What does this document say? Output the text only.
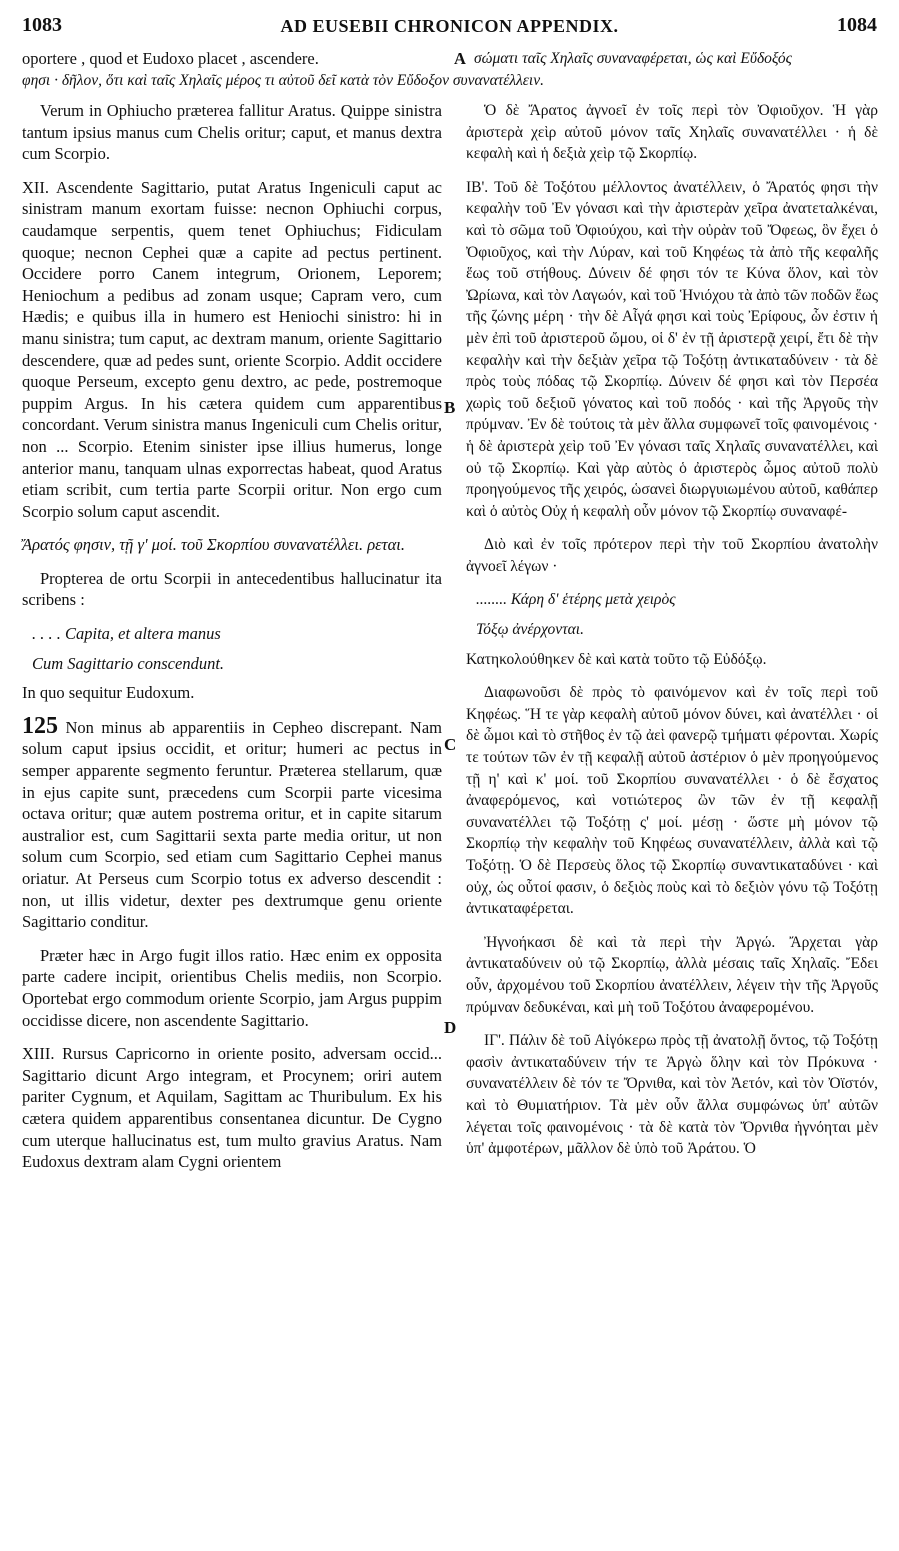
1083	AD EUSEBII CHRONICON APPENDIX.	1084
oportere , quod et Eudoxo placet , ascendere.	A σώματι ταῖς Χηλαῖς συναναφέρεται, ὡς καὶ Εὔδοξός
φησι · δῆλον, ὅτι καὶ ταῖς Χηλαῖς μέρος τι αὐτοῦ δεῖ κατὰ τὸν Εὔδοξον συνανατέλλειν.

Verum in Ophiucho præterea fallitur Aratus. Quippe sinistra tantum ipsius manus cum Chelis oritur; caput, et manus dextra cum Scorpio.

XII. Ascendente Sagittario, putat Aratus Ingeniculi caput ac sinistram manum exortam fuisse: necnon Ophiuchi corpus, caudamque serpentis, quem tenet Ophiuchus; Fidiculam quoque; necnon Cephei quæ a capite ad pectus pertinent. Occidere porro Canem integrum, Orionem, Leporem; Heniochum a pedibus ad zonam usque; Capram vero, cum Hædis; e quibus illa in humero est Heniochi sinistro: hi in manu sinistra; tum caput, ac dextram manum, oriente Sagittario descendere, quæ ad pedes sunt, oriente Scorpio. Addit occidere quoque Perseum, excepto genu dextro, ac pede, postremoque puppim Argus. In his cætera quidem cum apparentibus concordant. Verum sinistra manus Ingeniculi cum Chelis oritur, non ... Scorpio. Etenim sinister ipse illius humerus, longe anterior manu, tanquam ulnas exporrectas habeat, quod Aratus etiam scribit, cum tertia parte Scorpii oritur. Non ergo cum Scorpio solum caput ascendit.

Ἄρατός φησιν, τῇ γ' μοί. τοῦ Σκορπίου συνανατέλλει. ρεται.

Propterea de ortu Scorpii in antecedentibus hallucinatur ita scribens :

. . . . Capita, et altera manus

Cum Sagittario conscendunt.

In quo sequitur Eudoxum.

125 Non minus ab apparentiis in Cepheo discrepant. Nam solum caput ipsius occidit, et oritur; humeri ac pectus in semper apparente segmento feruntur. Præterea stellarum, quæ in ejus capite sunt, præcedens cum Scorpii parte vicesima octava oritur; quæ autem postrema oritur, et in capite sitarum australior est, cum Sagittarii sexta parte media oritur, ut non solum cum Scorpio, sed etiam cum Sagittario Cephei manus oriatur. At Perseus cum Scorpio totus ex adverso descendit : non, ut illis videtur, dexter pes dextrumque genu oriente Sagittario conditur.

Præter hæc in Argo fugit illos ratio. Hæc enim ex opposita parte cadere incipit, orientibus Chelis mediis, non Scorpio. Oportebat ergo commodum oriente Scorpio, jam Argus puppim occidisse dicere, non ascendente Sagittario.

XIII. Rursus Capricorno in oriente posito, adversam occid... Sagittario dicunt Argo integram, et Procynem; oriri autem pariter Cygnum, et Aquilam, Sagittam ac Thuribulum. Ex his cætera quidem apparentibus consentanea dicuntur. De Cygno cum uterque hallucinatus est, tum multo gravius Aratus. Nam Eudoxus dextram alam Cygni orientem

B
C
D

Ὁ δὲ Ἄρατος ἀγνοεῖ ἐν τοῖς περὶ τὸν Ὀφιοῦχον. Ἡ γὰρ ἀριστερὰ χεὶρ αὐτοῦ μόνον ταῖς Χηλαῖς συνανατέλλει · ἡ δὲ κεφαλὴ καὶ ἡ δεξιὰ χεὶρ τῷ Σκορπίῳ.

ΙΒ'. Τοῦ δὲ Τοξότου μέλλοντος ἀνατέλλειν, ὁ Ἄρατός φησι τὴν κεφαλὴν τοῦ Ἐν γόνασι καὶ τὴν ἀριστερὰν χεῖρα ἀνατεταλκέναι, καὶ τὸ σῶμα τοῦ Ὀφιούχου, καὶ τὴν οὐρὰν τοῦ Ὄφεως, ὃν ἔχει ὁ Ὀφιοῦχος, καὶ τὴν Λύραν, καὶ τοῦ Κηφέως τὰ ἀπὸ τῆς κεφαλῆς ἕως τοῦ στήθους. Δύνειν δέ φησι τόν τε Κύνα ὅλον, καὶ τὸν Ὠρίωνα, καὶ τὸν Λαγωόν, καὶ τοῦ Ἡνιόχου τὰ ἀπὸ τῶν ποδῶν ἕως τῆς ζώνης μέρη · τὴν δὲ Αἶγά φησι καὶ τοὺς Ἐρίφους, ὧν ἐστιν ἡ μὲν ἐπὶ τοῦ ἀριστεροῦ ὤμου, οἱ δ' ἐν τῇ ἀριστερᾷ χειρί, ἔτι δὲ τὴν κεφαλὴν καὶ τὴν δεξιὰν χεῖρα τῷ Τοξότῃ ἀντικαταδύνειν · τὰ δὲ πρὸς τοὺς πόδας τῷ Σκορπίῳ. Δύνειν δέ φησι καὶ τὸν Περσέα χωρὶς τοῦ δεξιοῦ γόνατος καὶ τοῦ ποδός · καὶ τῆς Ἀργοῦς τὴν πρύμναν. Ἐν δὲ τούτοις τὰ μὲν ἄλλα συμφωνεῖ τοῖς φαινομένοις · ἡ δὲ ἀριστερὰ χεὶρ τοῦ Ἐν γόνασι ταῖς Χηλαῖς συνανατέλλει, καὶ οὐ τῷ Σκορπίῳ. Καὶ γὰρ αὐτὸς ὁ ἀριστερὸς ὦμος αὐτοῦ πολὺ προηγούμενος τῆς χειρός, ὡσανεὶ διωργυιωμένου αὐτοῦ, καθάπερ καὶ ὁ αὐτὸς Οὐχ ἡ κεφαλὴ οὖν μόνον τῷ Σκορπίῳ συναναφέ-

Διὸ καὶ ἐν τοῖς πρότερον περὶ τὴν τοῦ Σκορπίου ἀνατολὴν ἀγνοεῖ λέγων ·

........ Κάρη δ' ἑτέρης μετὰ χειρὸς

Τόξῳ ἀνέρχονται.

Κατηκολούθηκεν δὲ καὶ κατὰ τοῦτο τῷ Εὐδόξῳ.

Διαφωνοῦσι δὲ πρὸς τὸ φαινόμενον καὶ ἐν τοῖς περὶ τοῦ Κηφέως. Ἥ τε γὰρ κεφαλὴ αὐτοῦ μόνον δύνει, καὶ ἀνατέλλει · οἱ δὲ ὦμοι καὶ τὸ στῆθος ἐν τῷ ἀεὶ φανερῷ τμήματι φέρονται. Χωρίς τε τούτων τῶν ἐν τῇ κεφαλῇ αὐτοῦ ἀστέριον ὁ μὲν προηγούμενος τῇ η' καὶ κ' μοί. τοῦ Σκορπίου συνανατέλλει · ὁ δὲ ἔσχατος ἀναφερόμενος, καὶ νοτιώτερος ὢν τῶν ἐν τῇ κεφαλῇ συνανατέλλει τῷ Τοξότῃ ς' μοί. μέσῃ · ὥστε μὴ μόνον τῷ Σκορπίῳ τὴν κεφαλὴν τοῦ Κηφέως συνανατέλλειν, ἀλλὰ καὶ τῷ Τοξότῃ. Ὁ δὲ Περσεὺς ὅλος τῷ Σκορπίῳ συναντικαταδύνει · καὶ οὐχ, ὡς οὗτοί φασιν, ὁ δεξιὸς ποὺς καὶ τὸ δεξιὸν γόνυ τῷ Τοξότῃ ἀντικαταφέρεται.

Ἠγνοήκασι δὲ καὶ τὰ περὶ τὴν Ἀργώ. Ἄρχεται γὰρ ἀντικαταδύνειν οὐ τῷ Σκορπίῳ, ἀλλὰ μέσαις ταῖς Χηλαῖς. Ἔδει οὖν, ἀρχομένου τοῦ Σκορπίου ἀνατέλλειν, λέγειν τὴν τῆς Ἀργοῦς πρύμναν δεδυκέναι, καὶ μὴ τοῦ Τοξότου ἀναφερομένου.

ΙΓ'. Πάλιν δὲ τοῦ Αἰγόκερω πρὸς τῇ ἀνατολῇ ὄντος, τῷ Τοξότῃ φασὶν ἀντικαταδύνειν τήν τε Ἀργὼ ὅλην καὶ τὸν Πρόκυνα · συνανατέλλειν δὲ τόν τε Ὄρνιθα, καὶ τὸν Ἀετόν, καὶ τὸν Ὀϊστόν, καὶ τὸ Θυμιατήριον. Τὰ μὲν οὖν ἄλλα συμφώνως ὑπ' αὐτῶν λέγεται τοῖς φαινομένοις · τὰ δὲ κατὰ τὸν Ὄρνιθα ἠγνόηται μὲν ὑπ' ἀμφοτέρων, μᾶλλον δὲ ὑπὸ τοῦ Ἀράτου. Ὁ
